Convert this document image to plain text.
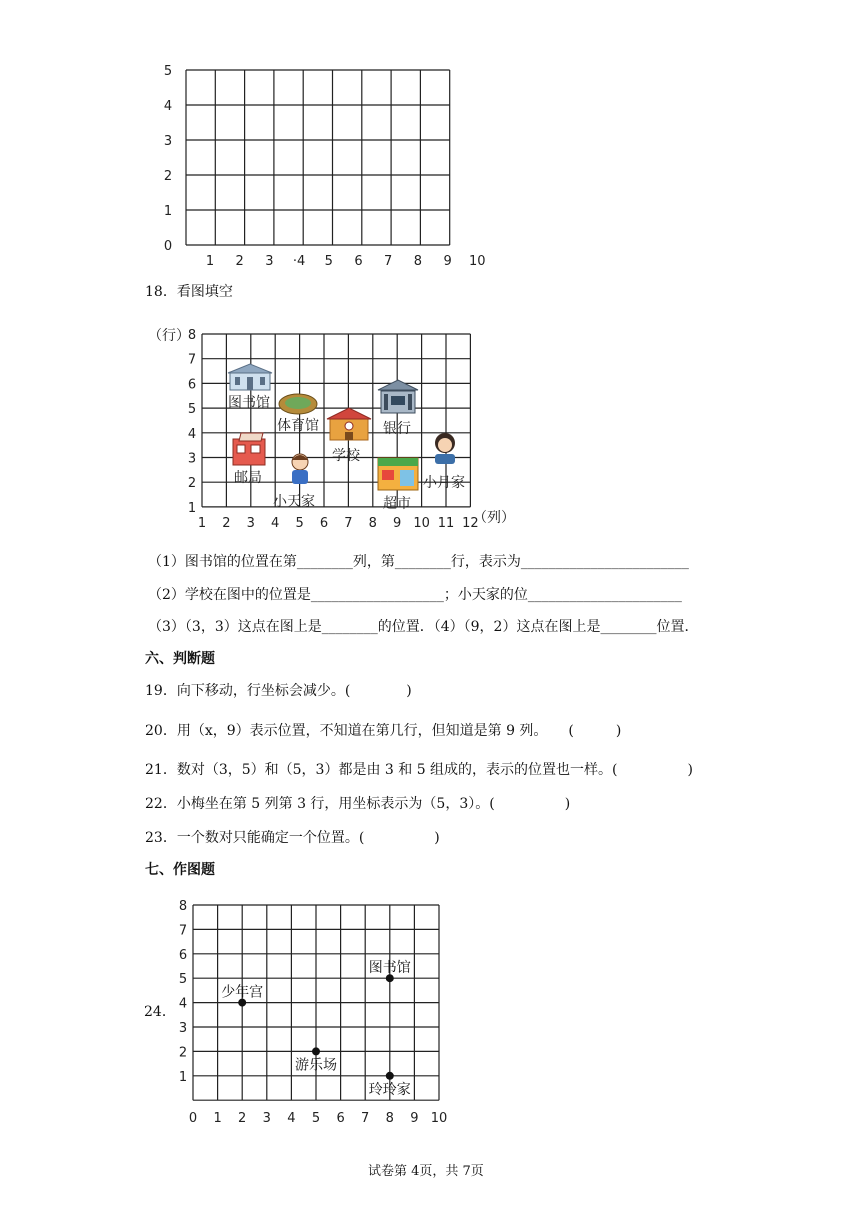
0
1
2
3
4
5
1 2 3 ·4 5 6 7 8 9 10
18．看图填空
（行）
（列）
1
2
3
4
5
6
7
8
1 2 3 4 5 6 7 8 9 10 11 12
图书馆
体育馆
学校
银行
邮局
小天家	超市
小月家
（1）图书馆的位置在第________列，第________行，表示为________________________
（2）学校在图中的位置是___________________；小天家的位______________________
（3）（3，3）这点在图上是________的位置．（4）（9，2）这点在图上是________位置．
六、判断题
19．向下移动，行坐标会减少。(　　　　)
20．用（x，9）表示位置，不知道在第几行，但知道是第 9 列。　　(　　　)
21．数对（3，5）和（5，3）都是由 3 和 5 组成的，表示的位置也一样。(　　　　　)
22．小梅坐在第 5 列第 3 行，用坐标表示为（5，3）。(　　　　　)
23．一个数对只能确定一个位置。(　　　　　)
七、作图题
24．
1
2
3
4
5
6
7
8
0 1 2 3 4 5 6 7 8 9 10
少年宫
图书馆
游乐场
玲玲家
试卷第 4页，共 7页
